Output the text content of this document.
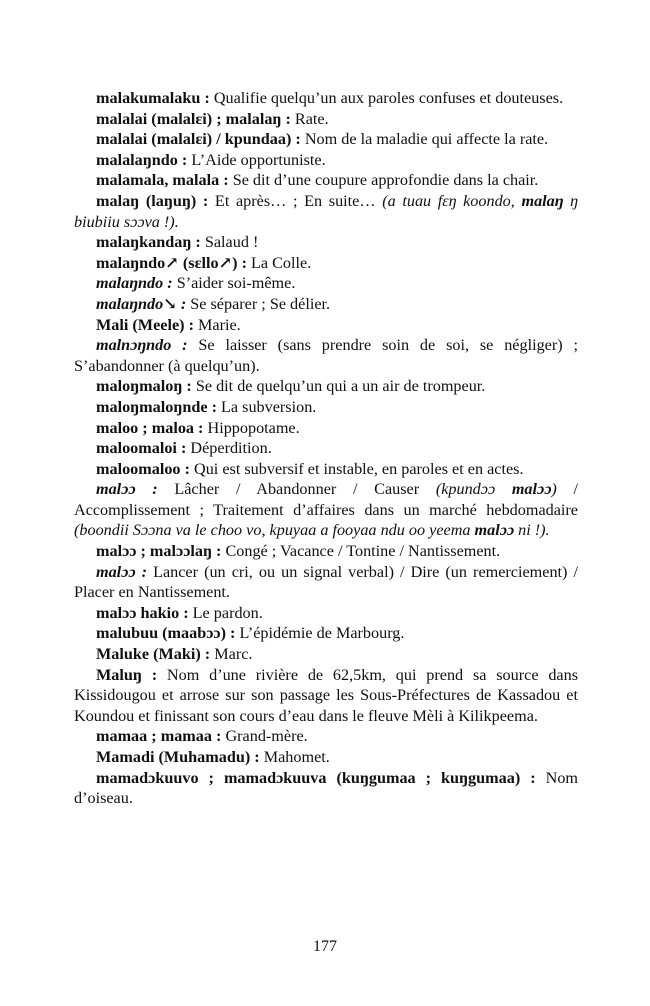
malakumalaku : Qualifie quelqu’un aux paroles confuses et douteuses.

malalai (malalɛi) ; malalaŋ : Rate.

malalai (malalɛi) / kpundaa) : Nom de la maladie qui affecte la rate.

malalaŋndo : L’Aide opportuniste.

malamala, malala : Se dit d’une coupure approfondie dans la chair.

malaŋ (laŋuŋ) : Et après… ; En suite… (a tuau fɛŋ koondo, malaŋ ŋ biubiiu sɔɔva !).

malaŋkandaŋ : Salaud !

malaŋndo↗ (sɛllo↗) : La Colle.

malaŋndo : S’aider soi-même.

malaŋndo↘ : Se séparer ; Se délier.

Mali (Meele) : Marie.

malnɔŋndo : Se laisser (sans prendre soin de soi, se négliger) ; S’abandonner (à quelqu’un).

maloŋmaloŋ : Se dit de quelqu’un qui a un air de trompeur.

maloŋmaloŋnde : La subversion.

maloo ; maloa : Hippopotame.

maloomaloi : Déperdition.

maloomaloo : Qui est subversif et instable, en paroles et en actes.

malɔɔ : Lâcher / Abandonner / Causer (kpundɔɔ malɔɔ) / Accomplissement ; Traitement d’affaires dans un marché hebdomadaire (boondii Sɔɔna va le choo vo, kpuyaa a fooyaa ndu oo yeema malɔɔ ni !).

malɔɔ ; malɔɔlaŋ : Congé ; Vacance / Tontine / Nantissement.

malɔɔ : Lancer (un cri, ou un signal verbal) / Dire (un remerciement) / Placer en Nantissement.

malɔɔ hakio : Le pardon.

malubuu (maabɔɔ) : L’épidémie de Marbourg.

Maluke (Maki) : Marc.

Maluŋ : Nom d’une rivière de 62,5km, qui prend sa source dans Kissidougou et arrose sur son passage les Sous-Préfectures de Kassadou et Koundou et finissant son cours d’eau dans le fleuve Mèli à Kilikpeema.

mamaa ; mamaa : Grand-mère.

Mamadi (Muhamadu) : Mahomet.

mamadɔkuuvo ; mamadɔkuuva (kuŋgumaa ; kuŋgumaa) : Nom d’oiseau.

177
